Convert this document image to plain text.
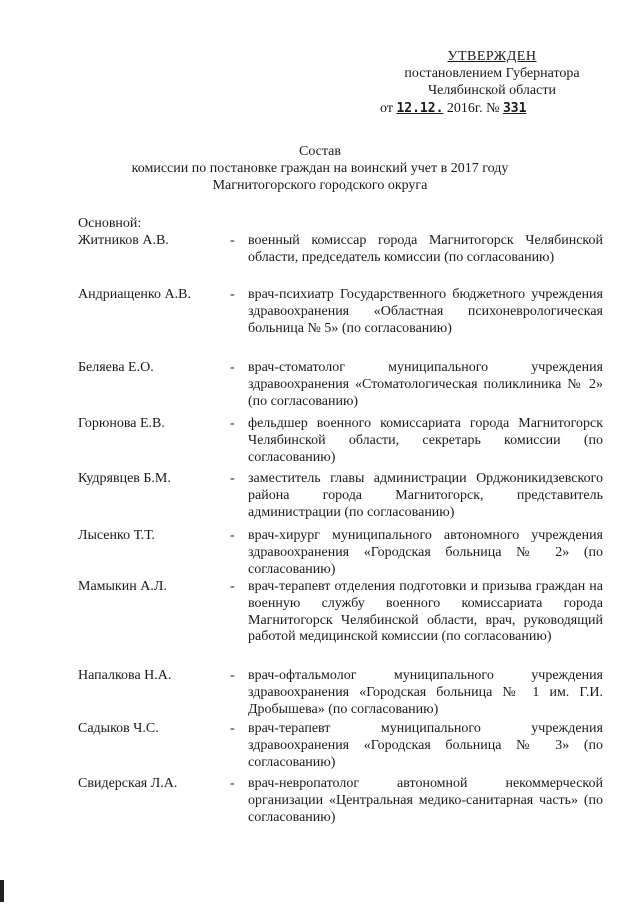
УТВЕРЖДЕН
постановлением Губернатора
Челябинской области
от 12.12. 2016г. № 331
Состав
комиссии по постановке граждан на воинский учет в 2017 году
Магнитогорского городского округа
Основной:
Житников А.В.	- военный комиссар города Магнитогорск Челябинской области, председатель комиссии (по согласованию)
Андриащенко А.В.	- врач-психиатр Государственного бюджетного учреждения здравоохранения «Областная психоневрологическая больница № 5» (по согласованию)
Беляева Е.О.	- врач-стоматолог муниципального учреждения здравоохранения «Стоматологическая поликлиника № 2» (по согласованию)
Горюнова Е.В.	- фельдшер военного комиссариата города Магнитогорск Челябинской области, секретарь комиссии (по согласованию)
Кудрявцев Б.М.	- заместитель главы администрации Орджоникидзевского района города Магнитогорск, представитель администрации (по согласованию)
Лысенко Т.Т.	- врач-хирург муниципального автономного учреждения здравоохранения «Городская больница № 2» (по согласованию)
Мамыкин А.Л.	- врач-терапевт отделения подготовки и призыва граждан на военную службу военного комиссариата города Магнитогорск Челябинской области, врач, руководящий работой медицинской комиссии (по согласованию)
Напалкова Н.А.	- врач-офтальмолог муниципального учреждения здравоохранения «Городская больница № 1 им. Г.И. Дробышева» (по согласованию)
Садыков Ч.С.	- врач-терапевт муниципального учреждения здравоохранения «Городская больница № 3» (по согласованию)
Свидерская Л.А.	- врач-невропатолог автономной некоммерческой организации «Центральная медико-санитарная часть» (по согласованию)
